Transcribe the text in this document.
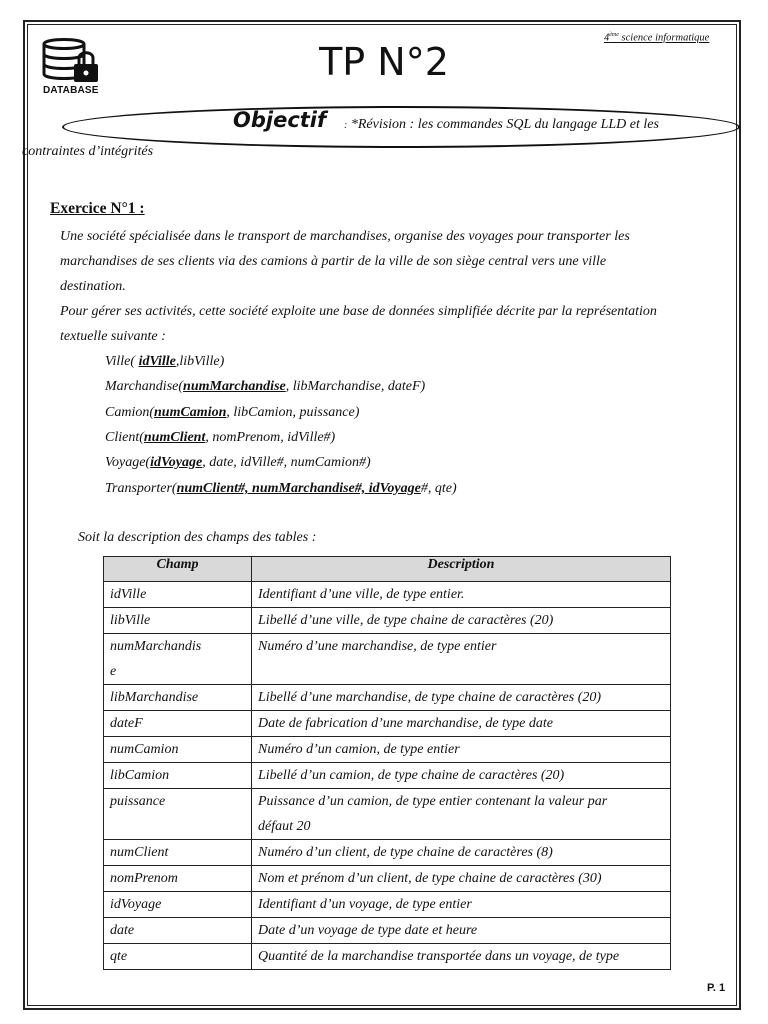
DATABASE
TP N°2
4ème science informatique
Objectif : *Révision : les commandes SQL du langage LLD et les
contraintes d’intégrités
Exercice N°1 :
Une société spécialisée dans le transport de marchandises, organise des voyages pour transporter les
marchandises de ses clients via des camions à partir de la ville de son siège central vers une ville
destination.
Pour gérer ses activités, cette société exploite une base de données simplifiée décrite par la représentation
textuelle suivante :
Ville( idVille,libVille)
Marchandise(numMarchandise, libMarchandise, dateF)
Camion(numCamion, libCamion, puissance)
Client(numClient, nomPrenom, idVille#)
Voyage(idVoyage, date, idVille#, numCamion#)
Transporter(numClient#, numMarchandise#, idVoyage#, qte)
Soit la description des champs des tables :
Champ	Description
idVille	Identifiant d’une ville, de type entier.
libVille	Libellé d’une ville, de type chaine de caractères (20)
numMarchandis
e	Numéro d’une marchandise, de type entier
libMarchandise	Libellé d’une marchandise, de type chaine de caractères (20)
dateF	Date de fabrication d’une marchandise, de type date
numCamion	Numéro d’un camion, de type entier
libCamion	Libellé d’un camion, de type chaine de caractères (20)
puissance	Puissance d’un camion, de type entier contenant la valeur par
défaut 20
numClient	Numéro d’un client, de type chaine de caractères (8)
nomPrenom	Nom et prénom d’un client, de type chaine de caractères (30)
idVoyage	Identifiant d’un voyage, de type entier
date	Date d’un voyage de type date et heure
qte	Quantité de la marchandise transportée dans un voyage, de type
P. 1
